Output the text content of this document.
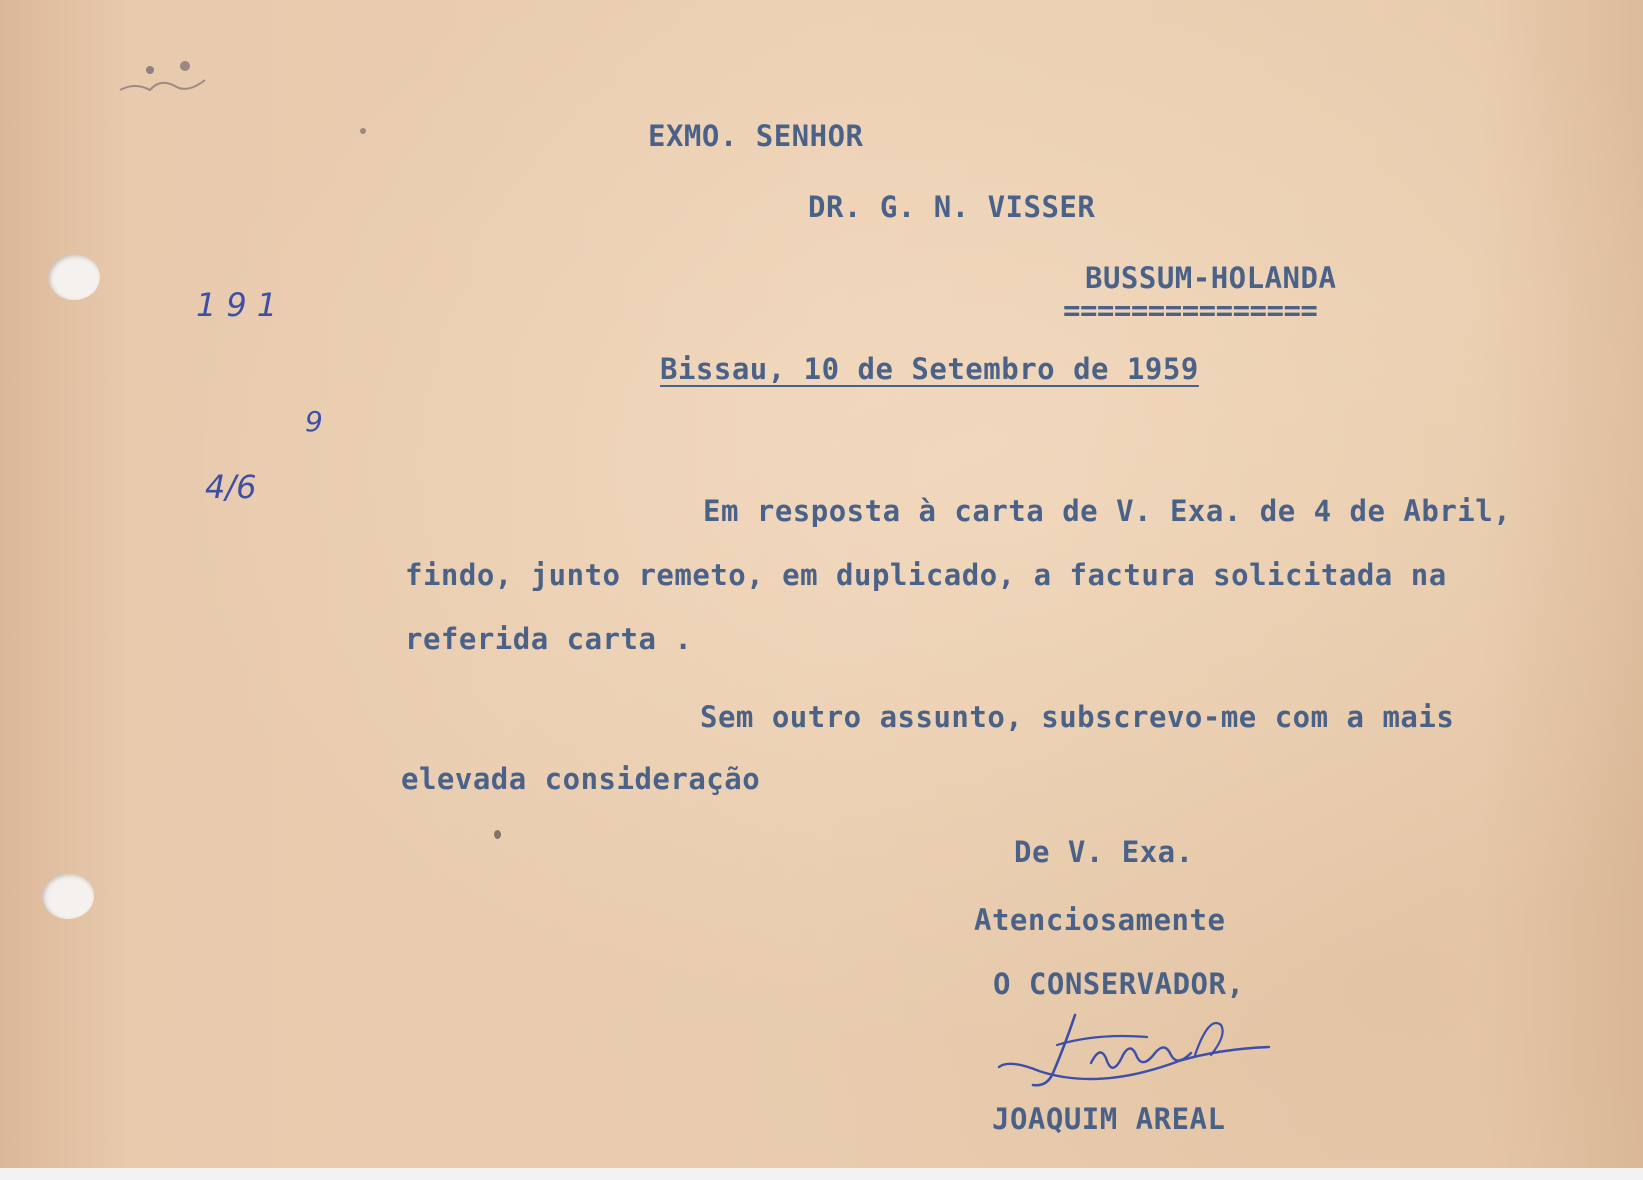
191
9
4/6
EXMO. SENHOR
DR. G. N. VISSER
BUSSUM-HOLANDA
===============
Bissau, 10 de Setembro de 1959
Em resposta à carta de V. Exa. de 4 de Abril,
findo, junto remeto, em duplicado, a factura solicitada na
referida carta .
Sem outro assunto, subscrevo-me com a mais
elevada consideração
De V. Exa.
Atenciosamente
O CONSERVADOR,
JOAQUIM AREAL
